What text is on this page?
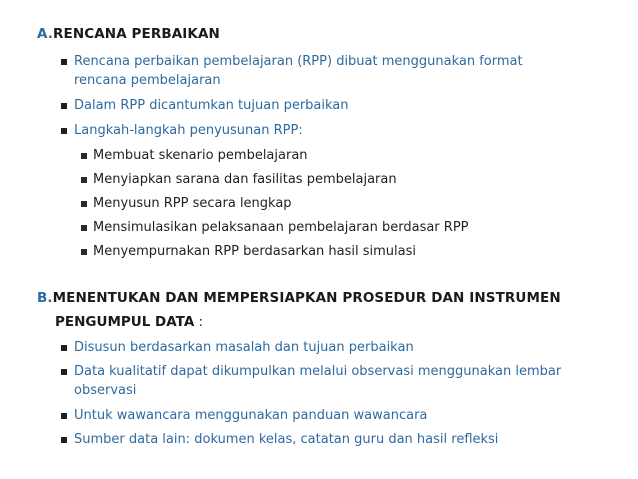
A.RENCANA PERBAIKAN
Rencana perbaikan pembelajaran (RPP) dibuat menggunakan format
rencana pembelajaran
Dalam RPP dicantumkan tujuan perbaikan
Langkah-langkah penyusunan RPP:
Membuat skenario pembelajaran
Menyiapkan sarana dan fasilitas pembelajaran
Menyusun RPP secara lengkap
Mensimulasikan pelaksanaan pembelajaran berdasar RPP
Menyempurnakan RPP berdasarkan hasil simulasi
B.MENENTUKAN DAN MEMPERSIAPKAN PROSEDUR DAN INSTRUMEN
PENGUMPUL DATA :
Disusun berdasarkan masalah dan tujuan perbaikan
Data kualitatif dapat dikumpulkan melalui observasi menggunakan lembar
observasi
Untuk wawancara menggunakan panduan wawancara
Sumber data lain: dokumen kelas, catatan guru dan hasil refleksi
